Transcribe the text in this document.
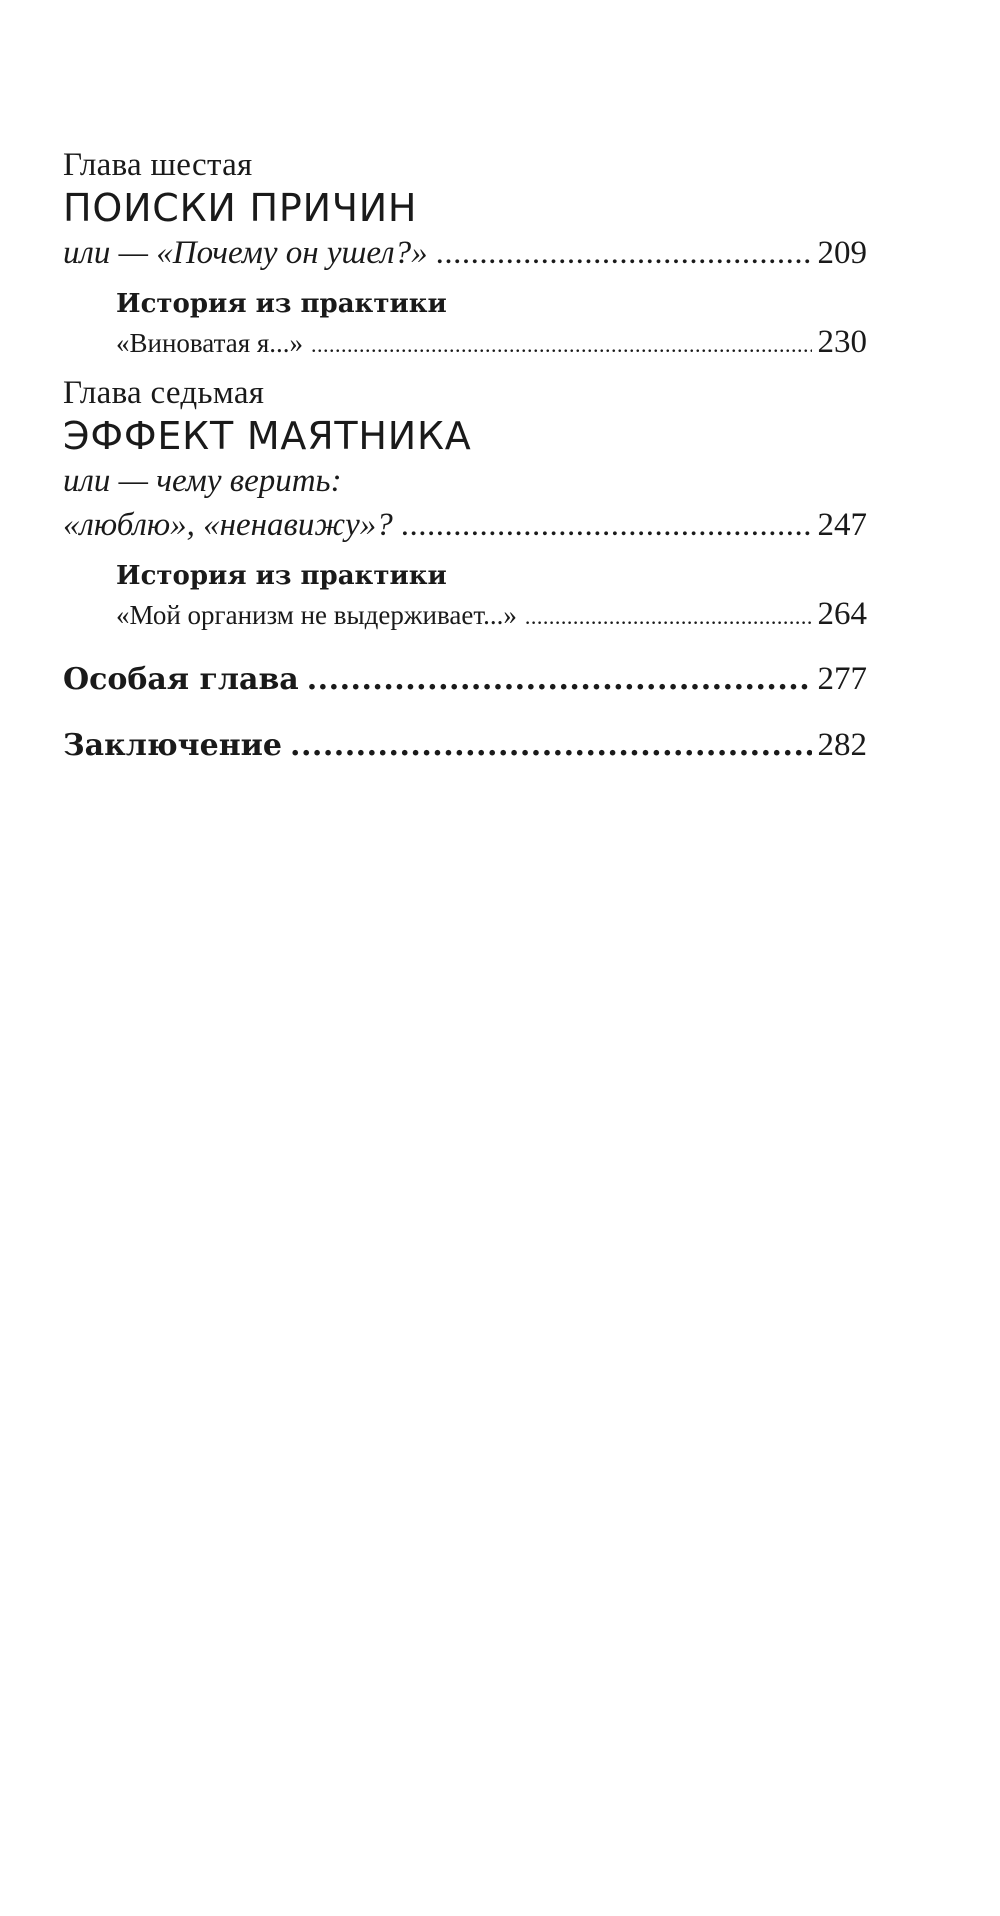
Глава шестая
ПОИСКИ ПРИЧИН
или — «Почему он ушел?» .....	209
История из практики
«Виноватая я...» .....	230
Глава седьмая
ЭФФЕКТ МАЯТНИКА
или — чему верить:
«люблю», «ненавижу»? .....	247
История из практики
«Мой организм не выдерживает...» .....	264
Особая глава .....	277
Заключение .....	282
